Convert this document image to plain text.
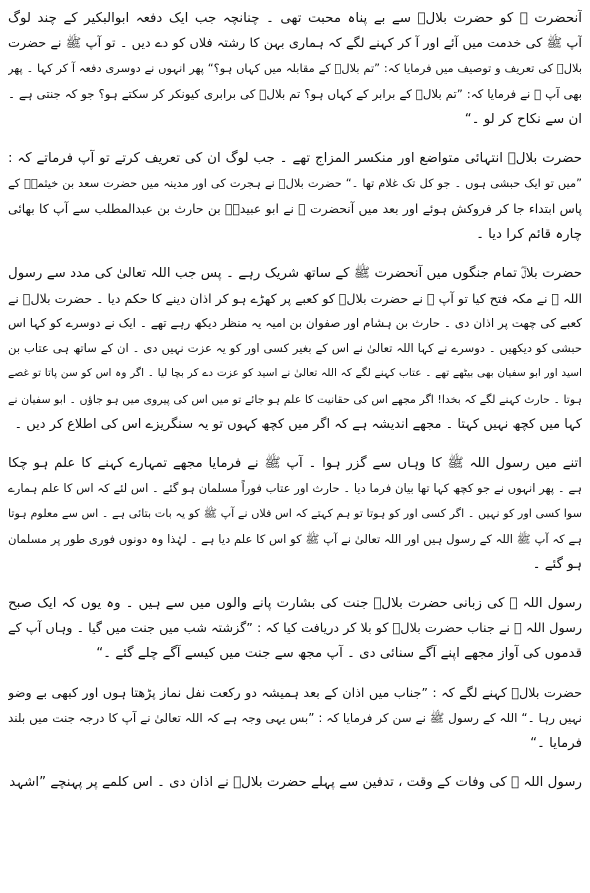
آنحضرت ﷺ کو حضرت بلالؓ سے بے پناہ محبت تھی ۔ چنانچہ جب ایک دفعہ ابوالبکیر کے چند لوگ
آپ ﷺ کی خدمت میں آئے اور آ کر کہنے لگے کہ ہماری بہن کا رشتہ فلاں کو دے دیں ۔ تو آپ ﷺ نے حضرت
بلالؓ کی تعریف و توصیف میں فرمایا کہ: ”تم بلالؓ کے مقابلہ میں کہاں ہو؟“ پھر انہوں نے دوسری دفعہ آ کر کہا ۔ پھر
بھی آپ ﷺ نے فرمایا کہ: ”تم بلالؓ کے برابر کے کہاں ہو؟ تم بلالؓ کی برابری کیونکر کر سکتے ہو؟ جو کہ جنتی ہے ۔
ان سے نکاح کر لو ۔“
حضرت بلالؓ انتہائی متواضع اور منکسر المزاج تھے ۔ جب لوگ ان کی تعریف کرتے تو آپ فرماتے کہ :
”میں تو ایک حبشی ہوں ۔ جو کل تک غلام تھا ۔“ حضرت بلالؓ نے ہجرت کی اور مدینہ میں حضرت سعد بن خیثمہؓ کے
پاس ابتداء جا کر فروکش ہوئے اور بعد میں آنحضرت ﷺ نے ابو عبیدہؓ بن حارث بن عبدالمطلب سے آپ کا بھائی
چارہ قائم کرا دیا ۔
حضرت بلالؓ تمام جنگوں میں آنحضرت ﷺ کے ساتھ شریک رہے ۔ پس جب اللہ تعالیٰ کی مدد سے رسول
اللہ ﷺ نے مکہ فتح کیا تو آپ ﷺ نے حضرت بلالؓ کو کعبے پر کھڑے ہو کر اذان دینے کا حکم دیا ۔ حضرت بلالؓ نے
کعبے کی چھت پر اذان دی ۔ حارث بن ہشام اور صفوان بن امیہ یہ منظر دیکھ رہے تھے ۔ ایک نے دوسرے کو کہا اس
حبشی کو دیکھیں ۔ دوسرے نے کہا اللہ تعالیٰ نے اس کے بغیر کسی اور کو یہ عزت نہیں دی ۔ ان کے ساتھ ہی عتاب بن
اسید اور ابو سفیان بھی بیٹھے تھے ۔ عتاب کہنے لگے کہ اللہ تعالیٰ نے اسید کو عزت دے کر بچا لیا ۔ اگر وہ اس کو سن پاتا تو غصے
ہوتا ۔ حارث کہنے لگے کہ بخدا! اگر مجھے اس کی حقانیت کا علم ہو جائے تو میں اس کی پیروی میں ہو جاؤں ۔ ابو سفیان نے
کہا میں کچھ نہیں کہتا ۔ مجھے اندیشہ ہے کہ اگر میں کچھ کہوں تو یہ سنگریزے اس کی اطلاع کر دیں ۔
اتنے میں رسول اللہ ﷺ کا وہاں سے گزر ہوا ۔ آپ ﷺ نے فرمایا مجھے تمہارے کہنے کا علم ہو چکا
ہے ۔ پھر انہوں نے جو کچھ کہا تھا بیان فرما دیا ۔ حارث اور عتاب فوراً مسلمان ہو گئے ۔ اس لئے کہ اس کا علم ہمارے
سوا کسی اور کو نہیں ۔ اگر کسی اور کو ہوتا تو ہم کہتے کہ اس فلاں نے آپ ﷺ کو یہ بات بتائی ہے ۔ اس سے معلوم ہوتا
ہے کہ آپ ﷺ اللہ کے رسول ہیں اور اللہ تعالیٰ نے آپ ﷺ کو اس کا علم دیا ہے ۔ لہٰذا وہ دونوں فوری طور پر مسلمان
ہو گئے ۔
رسول اللہ ﷺ کی زبانی حضرت بلالؓ جنت کی بشارت پانے والوں میں سے ہیں ۔ وہ یوں کہ ایک صبح
رسول اللہ ﷺ نے جناب حضرت بلالؓ کو بلا کر دریافت کیا کہ : ”گزشتہ شب میں جنت میں گیا ۔ وہاں آپ کے
قدموں کی آواز مجھے اپنے آگے سنائی دی ۔ آپ مجھ سے جنت میں کیسے آگے چلے گئے ۔“
حضرت بلالؓ کہنے لگے کہ : ”جناب میں اذان کے بعد ہمیشہ دو رکعت نفل نماز پڑھتا ہوں اور کبھی بے وضو
نہیں رہا ۔“ اللہ کے رسول ﷺ نے سن کر فرمایا کہ : ”بس یہی وجہ ہے کہ اللہ تعالیٰ نے آپ کا درجہ جنت میں بلند
فرمایا ۔“
رسول اللہ ﷺ کی وفات کے وقت ، تدفین سے پہلے حضرت بلالؓ نے اذان دی ۔ اس کلمے پر پہنچے ”اشہد
